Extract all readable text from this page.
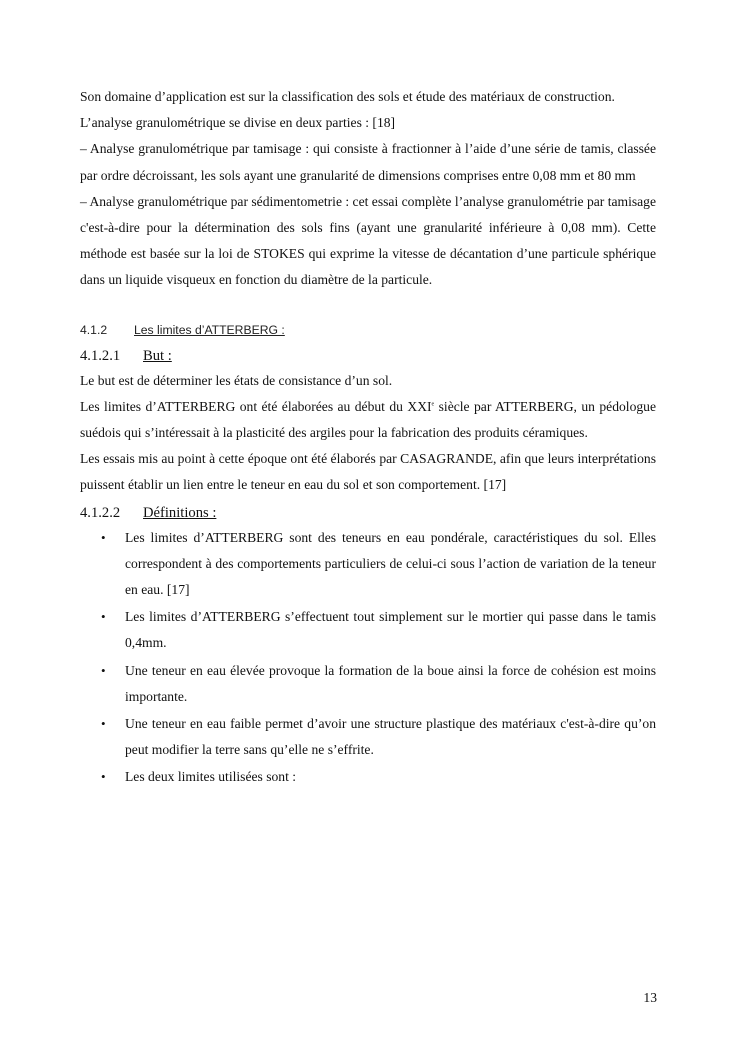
Son domaine d’application est sur la classification des sols et étude des matériaux de construction.

L’analyse granulométrique se divise en deux parties : [18]

– Analyse granulométrique par tamisage : qui consiste à fractionner à l’aide d’une série de tamis, classée par ordre décroissant, les sols ayant une granularité de dimensions comprises entre 0,08 mm et 80 mm

– Analyse granulométrique par sédimentometrie : cet essai complète l’analyse granulométrie par tamisage c'est-à-dire pour la détermination des sols fins (ayant une granularité inférieure à 0,08 mm). Cette méthode est basée sur la loi de STOKES qui exprime la vitesse de décantation d’une particule sphérique dans un liquide visqueux en fonction du diamètre de la particule.

4.1.2 Les limites d’ATTERBERG :
4.1.2.1 But :

Le but est de déterminer les états de consistance d’un sol.

Les limites d’ATTERBERG ont été élaborées au début du XXIe siècle par ATTERBERG, un pédologue suédois qui s’intéressait à la plasticité des argiles pour la fabrication des produits céramiques.

Les essais mis au point à cette époque ont été élaborés par CASAGRANDE, afin que leurs interprétations puissent établir un lien entre le teneur en eau du sol et son comportement. [17]

4.1.2.2 Définitions :
• Les limites d’ATTERBERG sont des teneurs en eau pondérale, caractéristiques du sol. Elles correspondent à des comportements particuliers de celui-ci sous l’action de variation de la teneur en eau. [17]
• Les limites d’ATTERBERG s’effectuent tout simplement sur le mortier qui passe dans le tamis 0,4mm.
• Une teneur en eau élevée provoque la formation de la boue ainsi la force de cohésion est moins importante.
• Une teneur en eau faible permet d’avoir une structure plastique des matériaux c'est-à-dire qu’on peut modifier la terre sans qu’elle ne s’effrite.
• Les deux limites utilisées sont :
13
